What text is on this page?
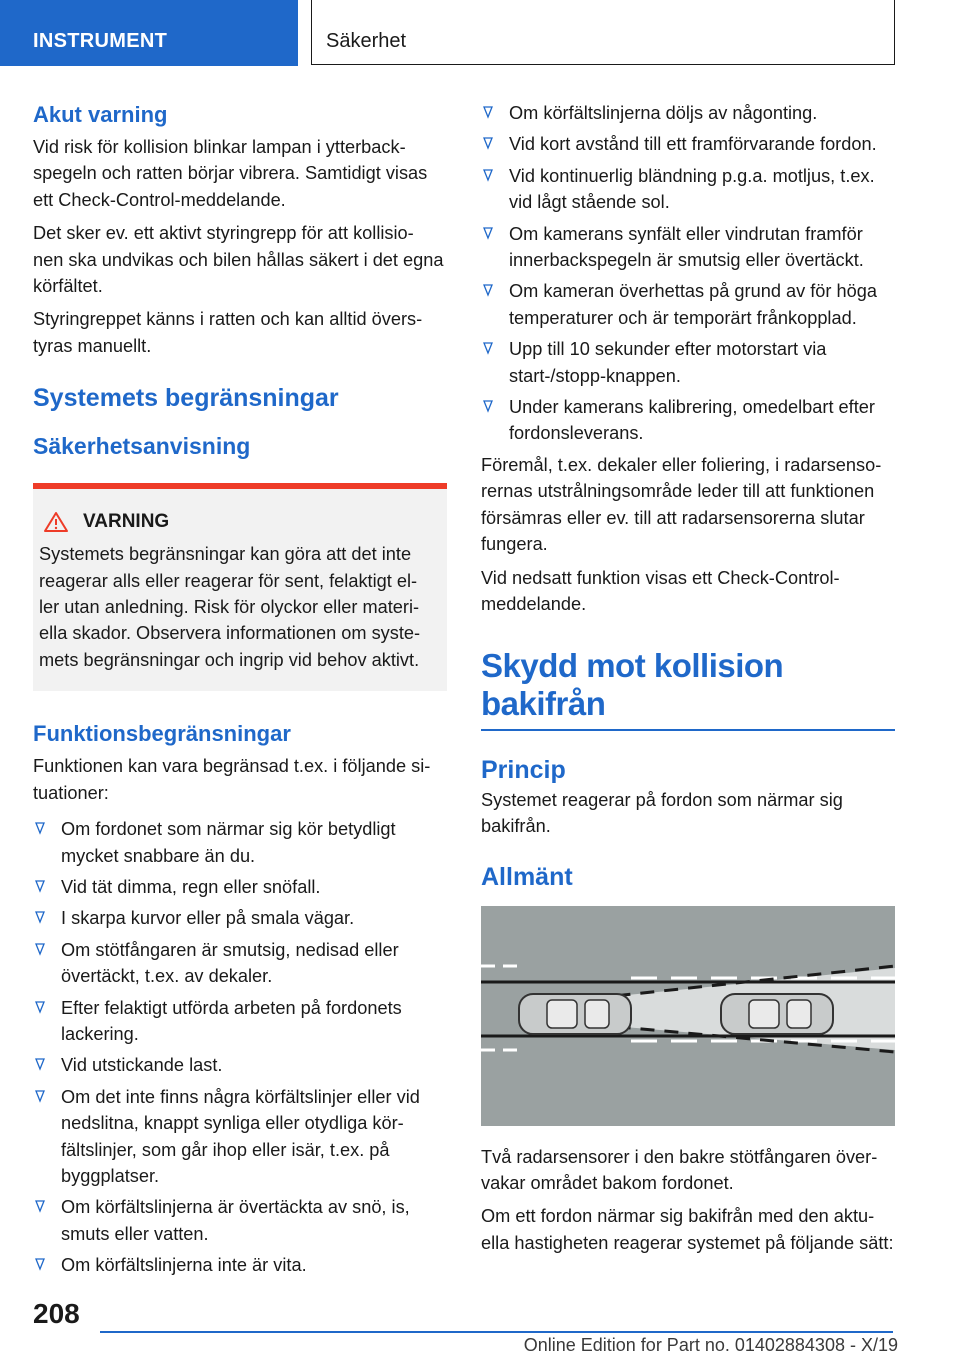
INSTRUMENT	Säkerhet
Akut varning

Vid risk för kollision blinkar lampan i ytterback- spegeln och ratten börjar vibrera. Samtidigt visas ett Check-Control-meddelande.

Det sker ev. ett aktivt styringrepp för att kollisio- nen ska undvikas och bilen hållas säkert i det egna körfältet.

Styringreppet känns i ratten och kan alltid övers- tyras manuellt.

Systemets begränsningar
Säkerhetsanvisning
VARNING

Systemets begränsningar kan göra att det inte reagerar alls eller reagerar för sent, felaktigt el- ler utan anledning. Risk för olyckor eller materi- ella skador. Observera informationen om syste- mets begränsningar och ingrip vid behov aktivt.

Funktionsbegränsningar

Funktionen kan vara begränsad t.ex. i följande si- tuationer:

Om fordonet som närmar sig kör betydligt mycket snabbare än du.
Vid tät dimma, regn eller snöfall.
I skarpa kurvor eller på smala vägar.
Om stötfångaren är smutsig, nedisad eller övertäckt, t.ex. av dekaler.
Efter felaktigt utförda arbeten på fordonets lackering.
Vid utstickande last.
Om det inte finns några körfältslinjer eller vid nedslitna, knappt synliga eller otydliga kör- fältslinjer, som går ihop eller isär, t.ex. på byggplatser.
Om körfältslinjerna är övertäckta av snö, is, smuts eller vatten.
Om körfältslinjerna inte är vita.
Om körfältslinjerna döljs av någonting.
Vid kort avstånd till ett framförvarande fordon.
Vid kontinuerlig bländning p.g.a. motljus, t.ex. vid lågt stående sol.
Om kamerans synfält eller vindrutan framför innerbackspegeln är smutsig eller övertäckt.
Om kameran överhettas på grund av för höga temperaturer och är temporärt frånkopplad.
Upp till 10 sekunder efter motorstart via start-/stopp-knappen.
Under kamerans kalibrering, omedelbart efter fordonsleverans.

Föremål, t.ex. dekaler eller foliering, i radarsenso- rernas utstrålningsområde leder till att funktionen försämras eller ev. till att radarsensorerna slutar fungera.

Vid nedsatt funktion visas ett Check-Control- meddelande.

Skydd mot kollision
bakifrån
Princip

Systemet reagerar på fordon som närmar sig bakifrån.

Allmänt

Två radarsensorer i den bakre stötfångaren över- vakar området bakom fordonet.

Om ett fordon närmar sig bakifrån med den aktu- ella hastigheten reagerar systemet på följande sätt:

208
Online Edition for Part no. 01402884308 - X/19
